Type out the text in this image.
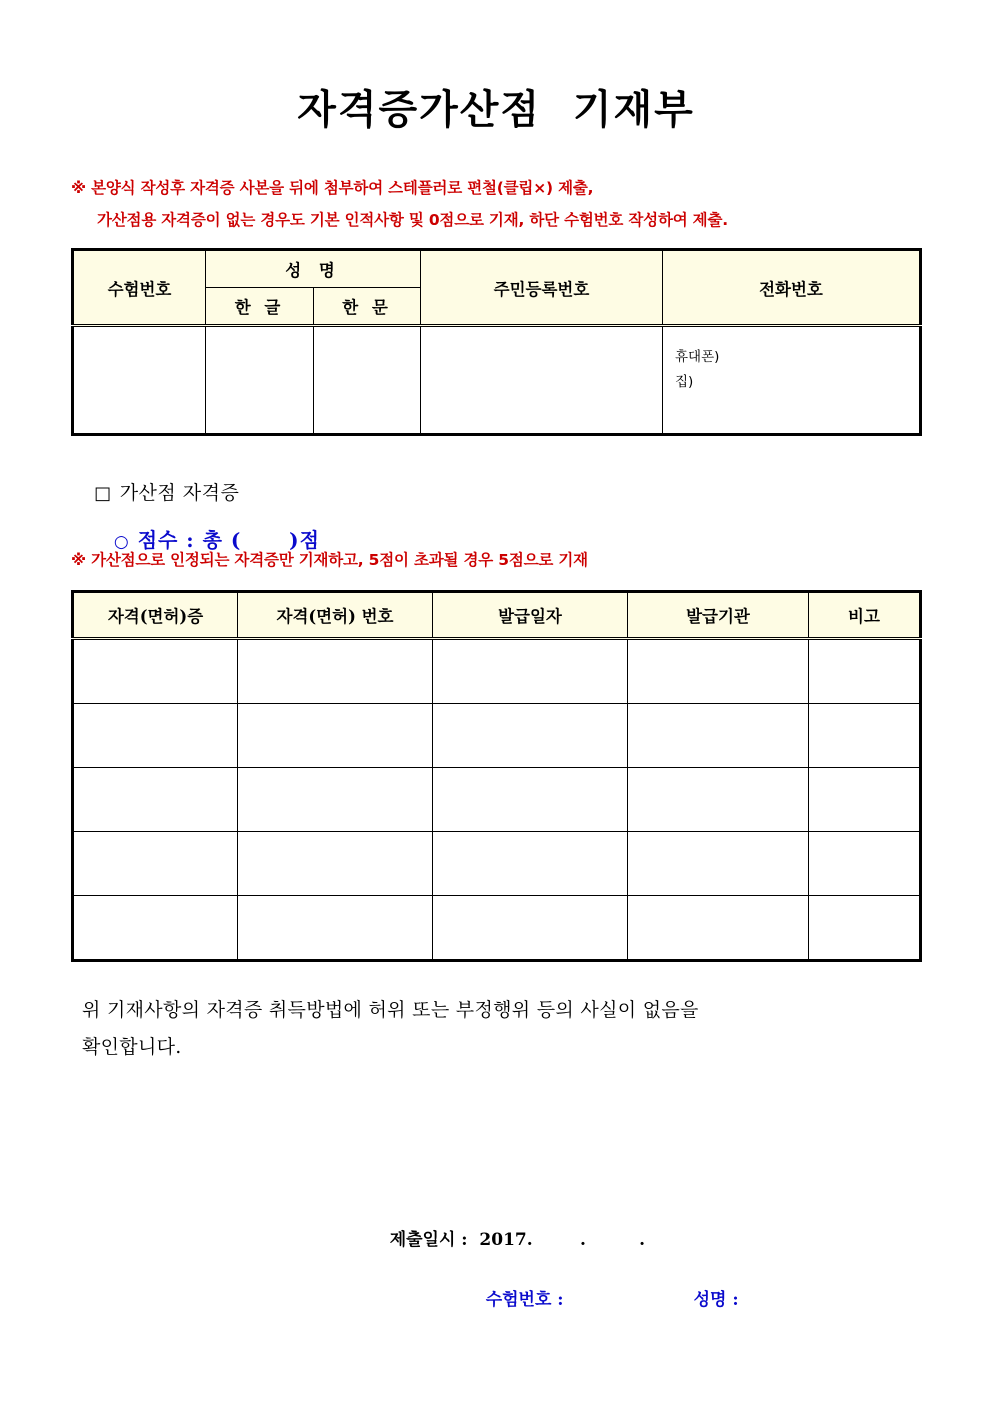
자격증가산점  기재부
※ 본양식 작성후 자격증 사본을 뒤에 첨부하여 스테플러로 편철(클립×) 제출,
가산점용 자격증이 없는 경우도 기본 인적사항 및 0점으로 기재, 하단 수험번호 작성하여 제출.
수험번호	성 명		주민등록번호	전화번호
	한 글	한 문		

				휴대폰)
집)

□ 가산점 자격증

○ 점수 : 총 (      )점

※ 가산점으로 인정되는 자격증만 기재하고, 5점이 초과될 경우 5점으로 기재
자격(면허)증	자격(면허) 번호	발급일자	발급기관	비고

위 기재사항의 자격증 취득방법에 허위 또는 부정행위 등의 사실이 없음을
확인합니다.

제출일시 : 2017.        .         .

수험번호 :	성명 :
